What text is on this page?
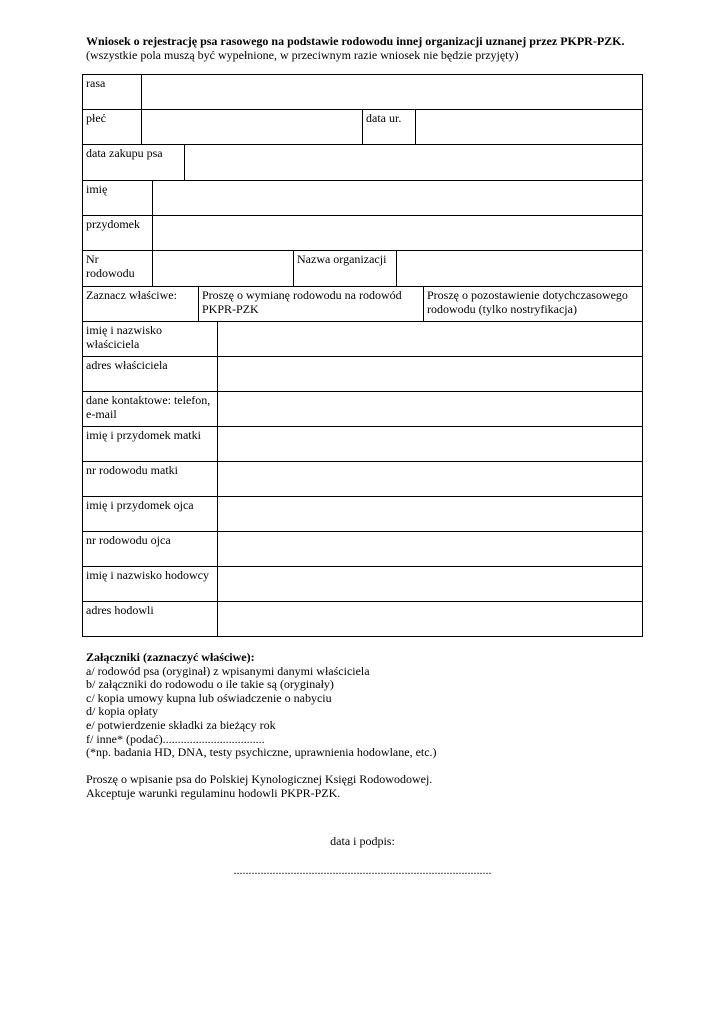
Wniosek o rejestrację psa rasowego na podstawie rodowodu innej organizacji uznanej przez PKPR-PZK.
(wszystkie pola muszą być wypełnione, w przeciwnym razie wniosek nie będzie przyjęty)
rasa
płeć	data ur.
data zakupu psa
imię
przydomek
Nr
rodowodu
Nazwa organizacji
Zaznacz właściwe: Proszę o wymianę rodowodu na rodowód
PKPR-PZK
Proszę o pozostawienie dotychczasowego
rodowodu (tylko nostryfikacja)
imię i nazwisko
właściciela
adres właściciela
dane kontaktowe: telefon,
e-mail
imię i przydomek matki
nr rodowodu matki
imię i przydomek ojca
nr rodowodu ojca
imię i nazwisko hodowcy
adres hodowli
Załączniki (zaznaczyć właściwe):
a/ rodowód psa (oryginał) z wpisanymi danymi właściciela
b/ załączniki do rodowodu o ile takie są (oryginały)
c/ kopia umowy kupna lub oświadczenie o nabyciu
d/ kopia opłaty
e/ potwierdzenie składki za bieżący rok
f/ inne* (podać)..................................
(*np. badania HD, DNA, testy psychiczne, uprawnienia hodowlane, etc.)
Proszę o wpisanie psa do Polskiej Kynologicznej Księgi Rodowodowej.
Akceptuje warunki regulaminu hodowli PKPR-PZK.
data i podpis:
......................................................................................
